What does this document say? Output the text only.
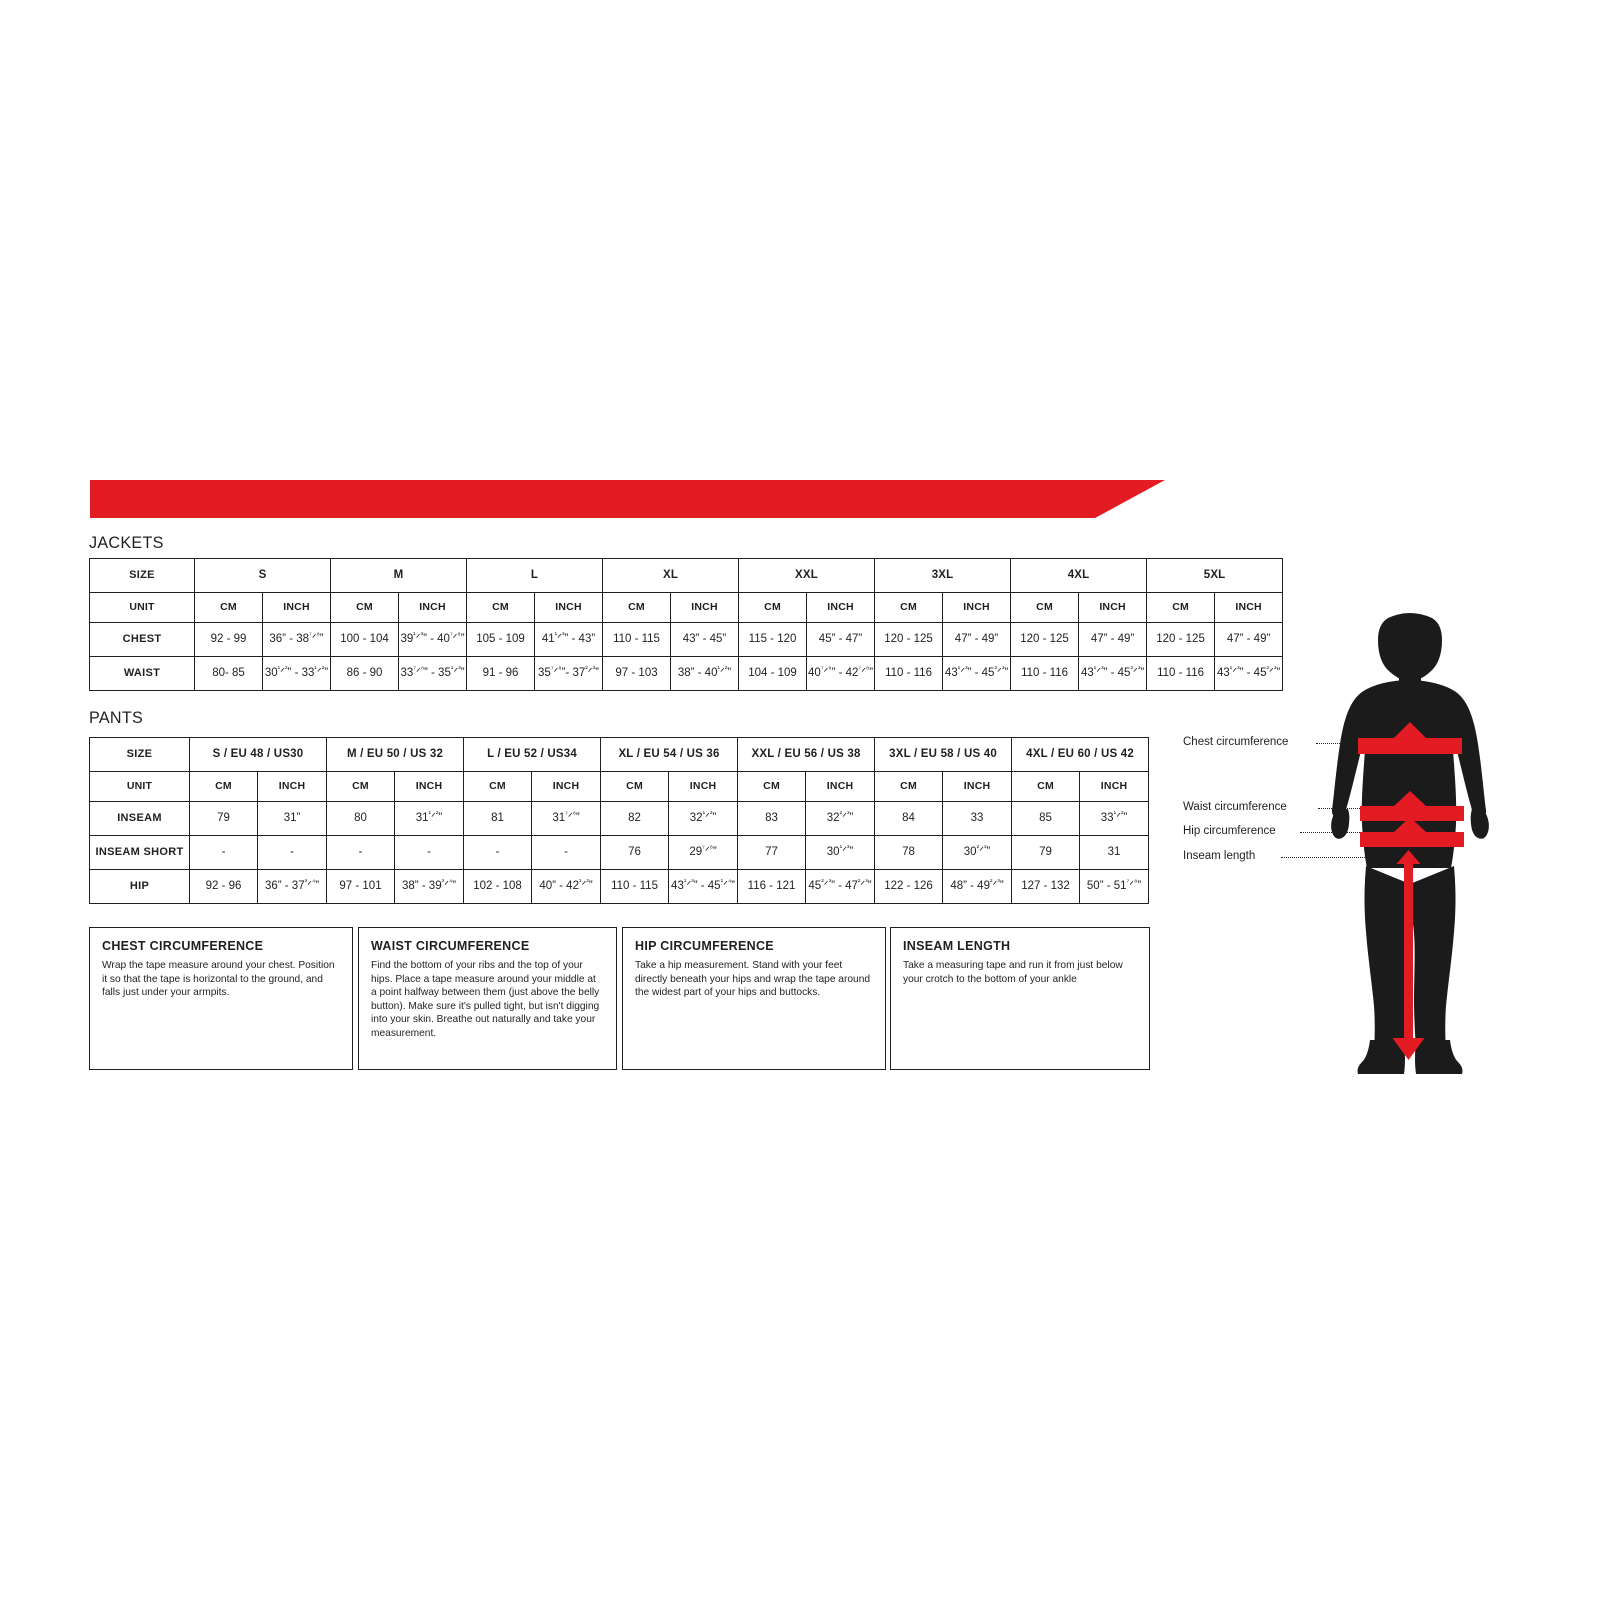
ADV - ADULT GEAR
JACKETS
PANTS
SIZE	S		M		L		XL		XXL		3XL		4XL		5XL	
UNIT	CM	INCH	CM	INCH	CM	INCH	CM	INCH	CM	INCH	CM	INCH	CM	INCH	CM	INCH
CHEST	92 - 99	36” - $38^{^7}ᐟ^{^8}$”	100 - 104	$39^{^1}ᐟ^{^3}$” - $40^{^7}ᐟ^{^8}$”	105 - 109	$41^{^1}ᐟ^{^3}$” - 43”	110 - 115	43” - 45”	115 - 120	45” - 47”	120 - 125	47” - 49”	120 - 125	47” - 49”	120 - 125	47” - 49”
WAIST	80- 85	$30^{^1}ᐟ^{^2}$” - $33^{^1}ᐟ^{^2}$”	86 - 90	$33^{^7}ᐟ^{^8}$” - $35^{^1}ᐟ^{^3}$”	91 - 96	$35^{^7}ᐟ^{^8}”-$ $37^{^2}ᐟ^{^3}$”	97 - 103	38” - $40^{^1}ᐟ^{^2}$”	104 - 109	$40^{^7}ᐟ^{^8}$” - $42^{^7}ᐟ^{^8}$”	110 - 116	$43^{^1}ᐟ^{^3}$” - $45^{^2}ᐟ^{^3}$”	110 - 116	$43^{^1}ᐟ^{^3}$” - $45^{^2}ᐟ^{^3}$”	110 - 116	$43^{^1}ᐟ^{^3}$” - $45^{^2}ᐟ^{^3}$”
SIZE	S / EU 48 / US30		M / EU 50 / US 32		L / EU 52 / US34		XL / EU 54 / US 36		XXL / EU 56 / US 38		3XL / EU 58 / US 40		4XL / EU 60 / US 42	
UNIT	CM	INCH	CM	INCH	CM	INCH	CM	INCH	CM	INCH	CM	INCH	CM	INCH
INSEAM	79	31”	80	$31^{^1}ᐟ^{^2}$”	81	$31^{^7}ᐟ^{^8}$”	82	$32^{^1}ᐟ^{^2}$”	83	$32^{^2}ᐟ^{^3}$”	84	33	85	$33^{^1}ᐟ^{^2}$”
INSEAM SHORT	-	-	-	-	-	-	76	$29^{^7}ᐟ^{^8}$”	77	$30^{^1}ᐟ^{^3}$”	78	$30^{^2}ᐟ^{^3}$”	79	31
HIP	92 - 96	36” - $37^{^3}ᐟ^{^4}$”	97 - 101	38” - $39^{^3}ᐟ^{^4}$”	102 - 108	40” - $42^{^1}ᐟ^{^2}$”	110 - 115	$43^{^1}ᐟ^{^3}$” - $45^{^1}ᐟ^{^4}$”	116 - 121	$45^{^2}ᐟ^{^3}$” - $47^{^2}ᐟ^{^3}$”	122 - 126	48” - $49^{^2}ᐟ^{^3}$”	127 - 132	50” - $51^{^7}ᐟ^{^8}$”
CHEST CIRCUMFERENCE

Wrap the tape measure around your chest. Position it so that the tape is horizontal to the ground, and falls just under your armpits.

WAIST CIRCUMFERENCE

Find the bottom of your ribs and the top of your hips. Place a tape measure around your middle at a point halfway between them (just above the belly button). Make sure it's pulled tight, but isn't digging into your skin. Breathe out naturally and take your measurement.

HIP CIRCUMFERENCE

Take a hip measurement. Stand with your feet directly beneath your hips and wrap the tape around the widest part of your hips and buttocks.

INSEAM LENGTH

Take a measuring tape and run it from just below your crotch to the bottom of your ankle

Chest circumference
Waist circumference
Hip circumference
Inseam length
